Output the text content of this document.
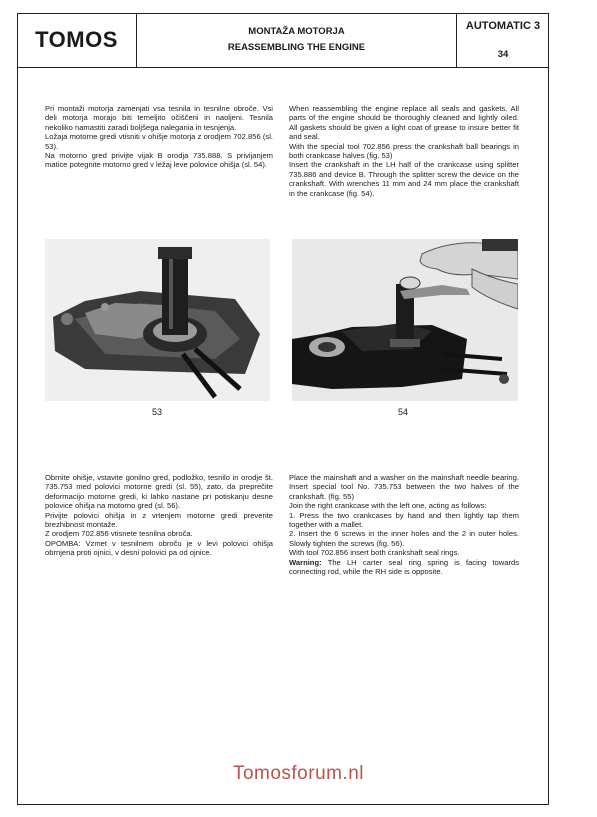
TOMOS	MONTAŽA MOTORJA
REASSEMBLING THE ENGINE
AUTOMATIC 3
34

Pri montaži motorja zamenjati vsa tesnila in tesnilne obroče. Vsi deli motorja morajo biti temeljito očiščeni in naoljeni. Tesnila nekoliko namastiti zaradi boljšega nalegania in tesnjenja.

Ložaja motorne gredi vtisniti v ohišje motorja z orodjem 702.856 (sl. 53).

Na motorno gred privijte vijak B orodja 735.888. S privijanjem matice potegnite motorno gred v ležaj leve polovice ohišja (sl. 54).

When reassembling the engine replace all seals and gaskets. All parts of the engine should be thoroughly cleaned and lightly oiled. All gaskets should be given a light coat of grease to insure better fit and seal.

With the special tool 702.856 press the crankshaft ball bearings in both crankcase halves (fig. 53)

Insert the crankshaft in the LH half of the crankcase using splitter 735.886 and device B. Through the splitter screw the device on the crankshaft. With wrenches 11 mm and 24 mm place the crankshaft in the crankcase (fig. 54).

53	54

Obrnite ohišje, vstavite gonilno gred, podložko, tesnilo in orodje št. 735.753 med polovici motorne gredi (sl. 55), zato, da preprečite deformacijo motorne gredi, ki lahko nastane pri potiskanju desne polovice ohišja na motorno gred (sl. 56).

Privijte polovici ohišja in z vrtenjem motorne gredi preverite brezhibnost montaže.

Z orodjem 702.856 vtisnete tesnilna obroča.

OPOMBA: Vzmet v tesnilnem obroču je v levi polovici ohišja obrnjena proti ojnici, v desni polovici pa od ojnice.

Place the mainshaft and a washer on the mainshaft needle bearing. Insert special tool No. 735.753 between the two halves of the crankshaft. (fig. 55)

Join the right crankcase with the left one, acting as follows:

1. Press the two crankcases by hand and then lightly tap them together with a mallet.

2. Insert the 6 screws in the inner holes and the 2 in outer holes. Slowly tighten the screws (fig. 56).

With tool 702.856 insert both crankshaft seal rings.

Warning: The LH carter seal ring spring is facing towards connecting rod, while the RH side is opposite.

Tomosforum.nl
